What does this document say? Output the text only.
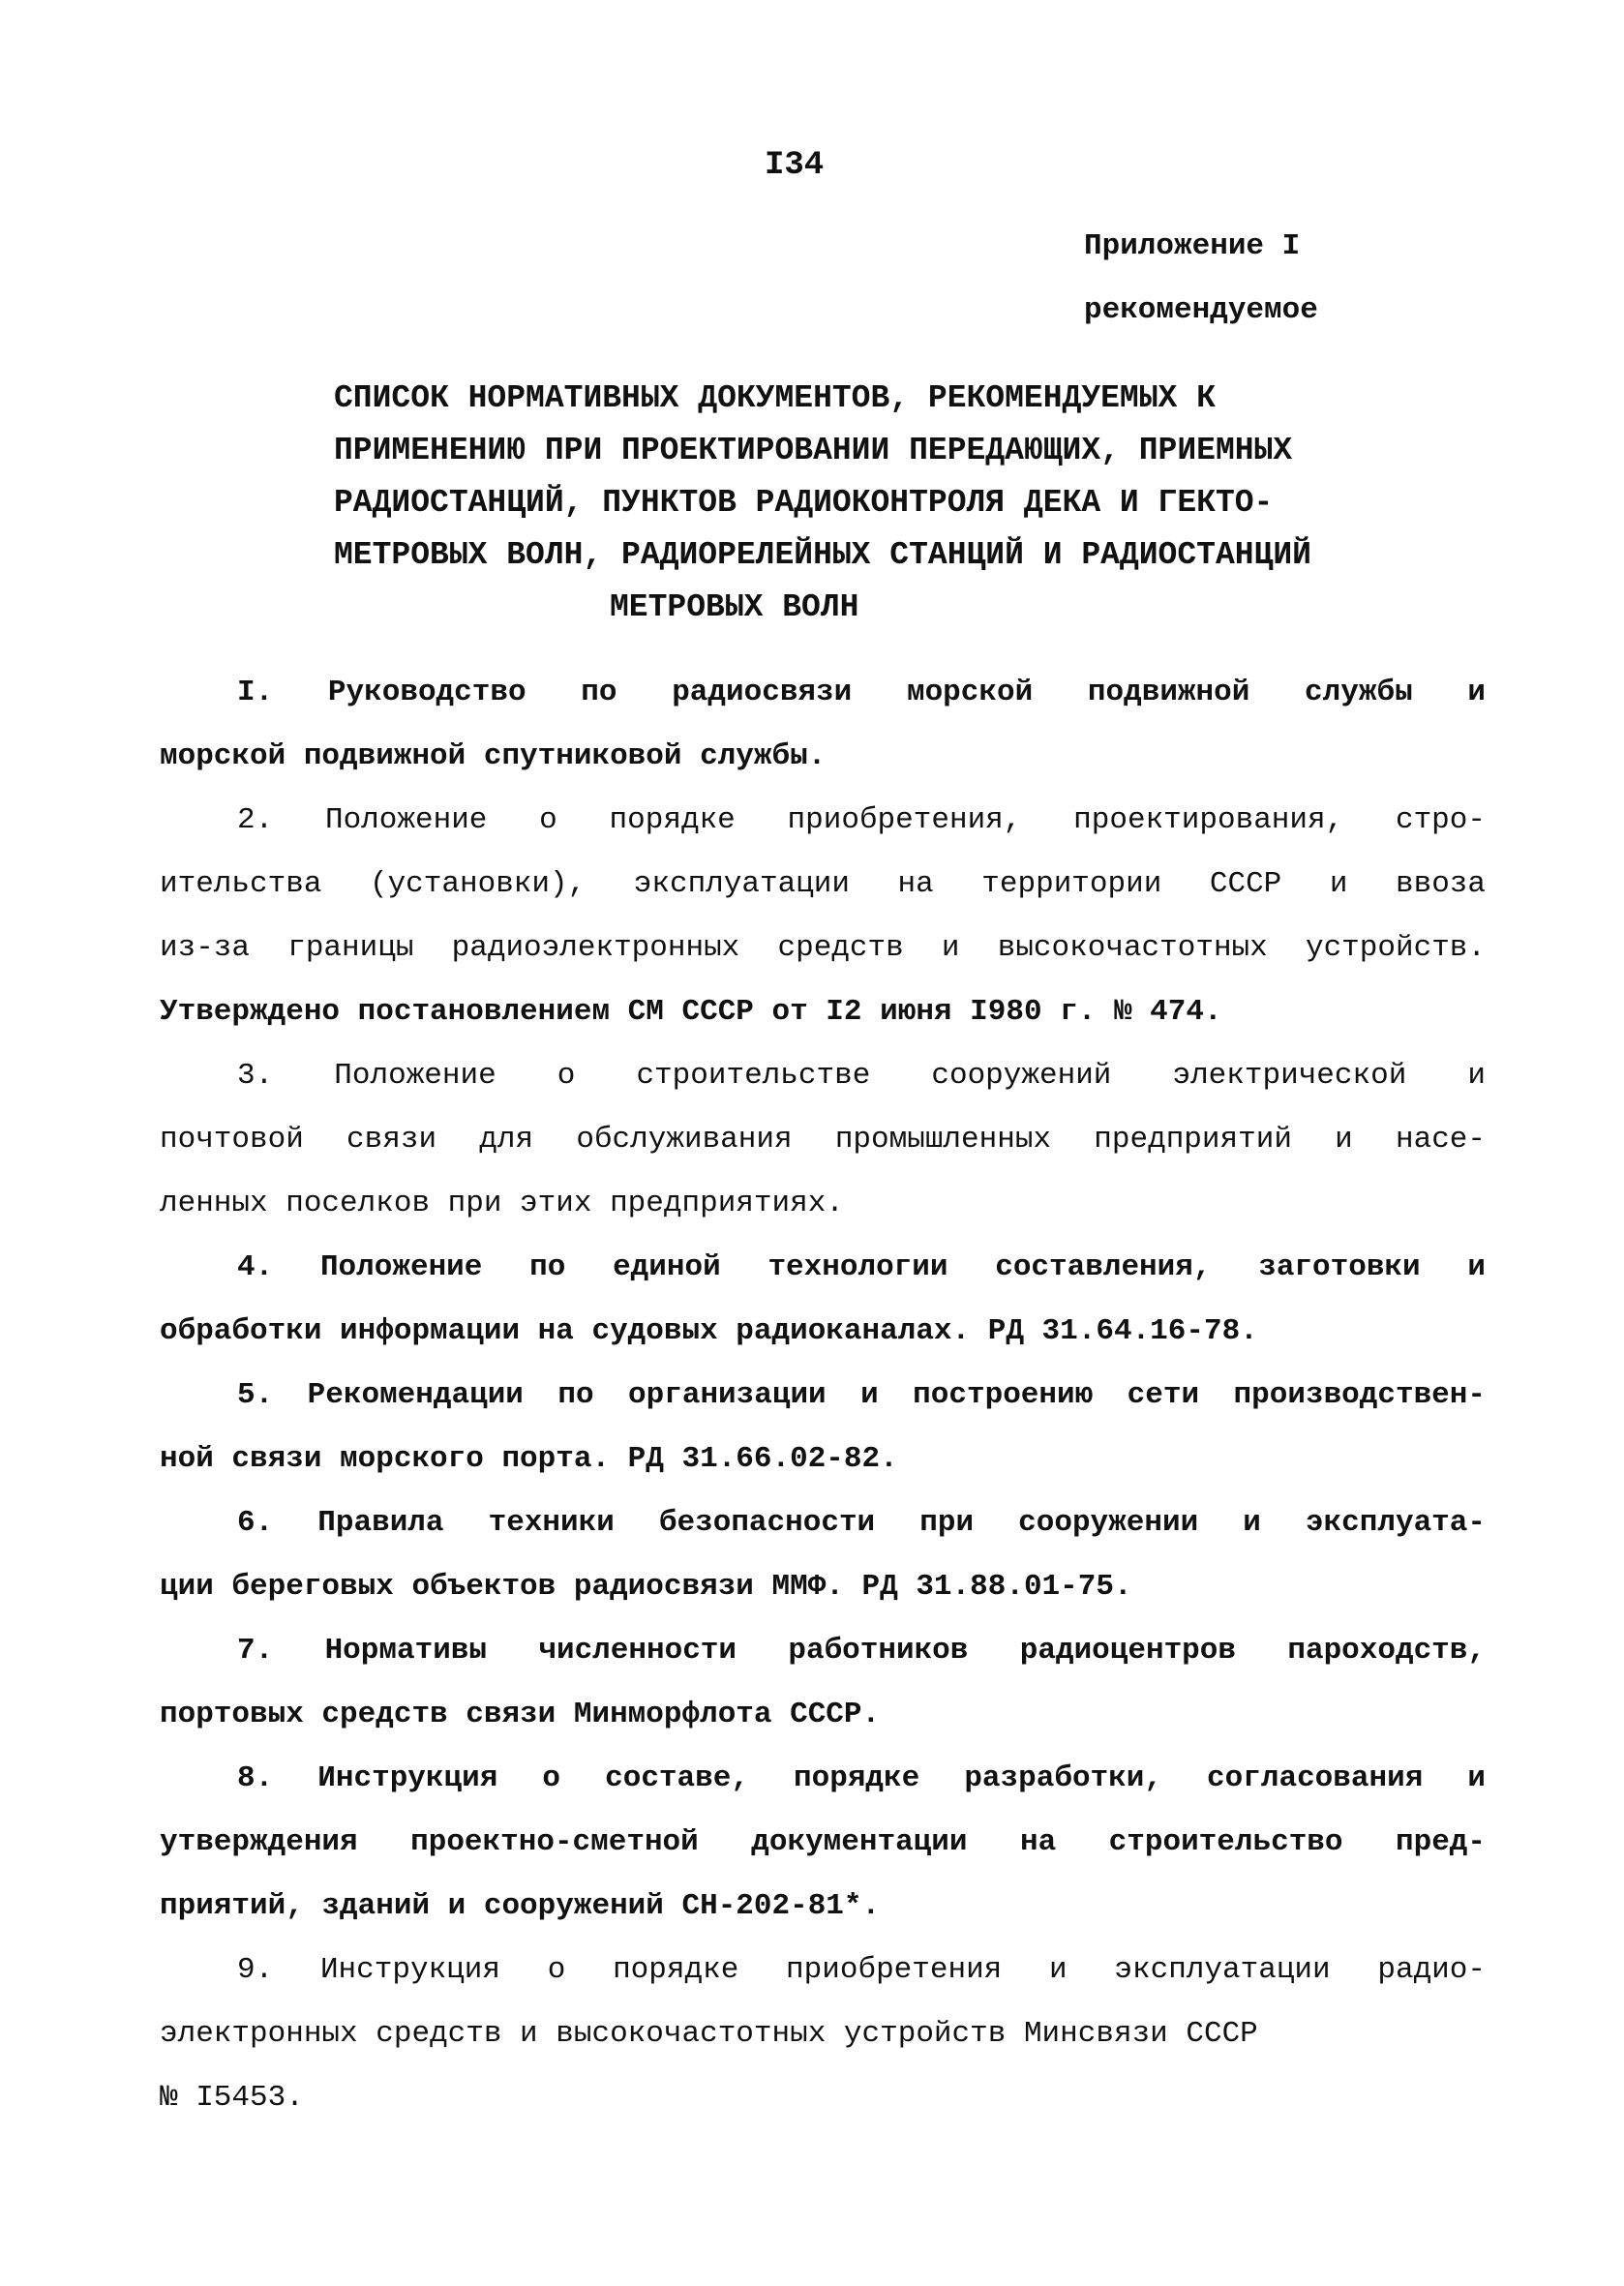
I34
Приложение I
рекомендуемое
СПИСОК НОРМАТИВНЫХ ДОКУМЕНТОВ, РЕКОМЕНДУЕМЫХ К
ПРИМЕНЕНИЮ ПРИ ПРОЕКТИРОВАНИИ ПЕРЕДАЮЩИХ, ПРИЕМНЫХ
РАДИОСТАНЦИЙ, ПУНКТОВ РАДИОКОНТРОЛЯ ДЕКА И ГЕКТО-
МЕТРОВЫХ ВОЛН, РАДИОРЕЛЕЙНЫХ СТАНЦИЙ И РАДИОСТАНЦИЙ
МЕТРОВЫХ ВОЛН
I. Руководство по радиосвязи морской подвижной службы и
морской подвижной спутниковой службы.
2. Положение о порядке приобретения, проектирования, стро-
ительства (установки), эксплуатации на территории СССР и ввоза
из-за границы радиоэлектронных средств и высокочастотных устройств.
Утверждено постановлением СМ СССР от I2 июня I980 г. № 474.
3. Положение о строительстве сооружений электрической и
почтовой связи для обслуживания промышленных предприятий и насе-
ленных поселков при этих предприятиях.
4. Положение по единой технологии составления, заготовки и
обработки информации на судовых радиоканалах. РД 31.64.16-78.
5. Рекомендации по организации и построению сети производствен-
ной связи морского порта. РД 31.66.02-82.
6. Правила техники безопасности при сооружении и эксплуата-
ции береговых объектов радиосвязи ММФ. РД 31.88.01-75.
7. Нормативы численности работников радиоцентров пароходств,
портовых средств связи Минморфлота СССР.
8. Инструкция о составе, порядке разработки, согласования и
утверждения проектно-сметной документации на строительство пред-
приятий, зданий и сооружений СН-202-81*.
9. Инструкция о порядке приобретения и эксплуатации радио-
электронных средств и высокочастотных устройств Минсвязи СССР
№ I5453.
